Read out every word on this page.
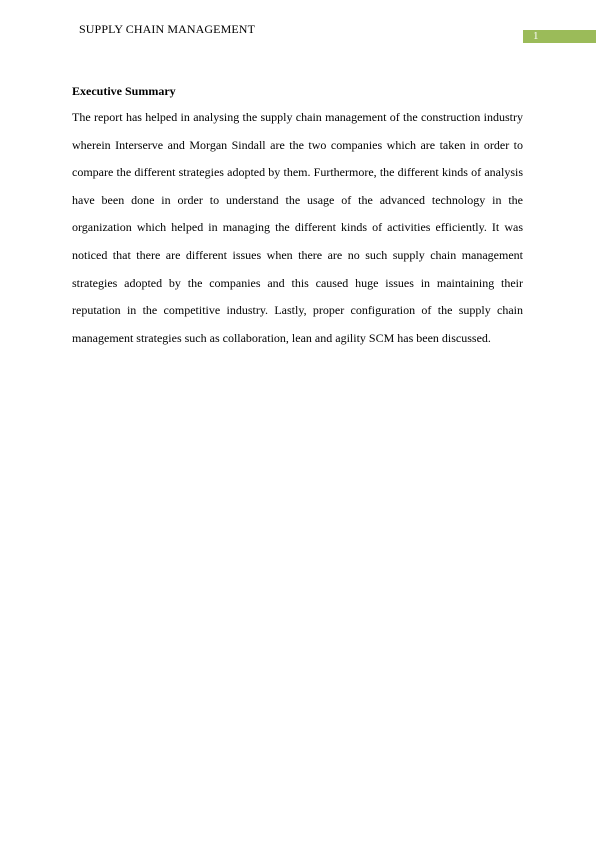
SUPPLY CHAIN MANAGEMENT	1
Executive Summary

The report has helped in analysing the supply chain management of the construction industry wherein Interserve and Morgan Sindall are the two companies which are taken in order to compare the different strategies adopted by them. Furthermore, the different kinds of analysis have been done in order to understand the usage of the advanced technology in the organization which helped in managing the different kinds of activities efficiently. It was noticed that there are different issues when there are no such supply chain management strategies adopted by the companies and this caused huge issues in maintaining their reputation in the competitive industry. Lastly, proper configuration of the supply chain management strategies such as collaboration, lean and agility SCM has been discussed.
